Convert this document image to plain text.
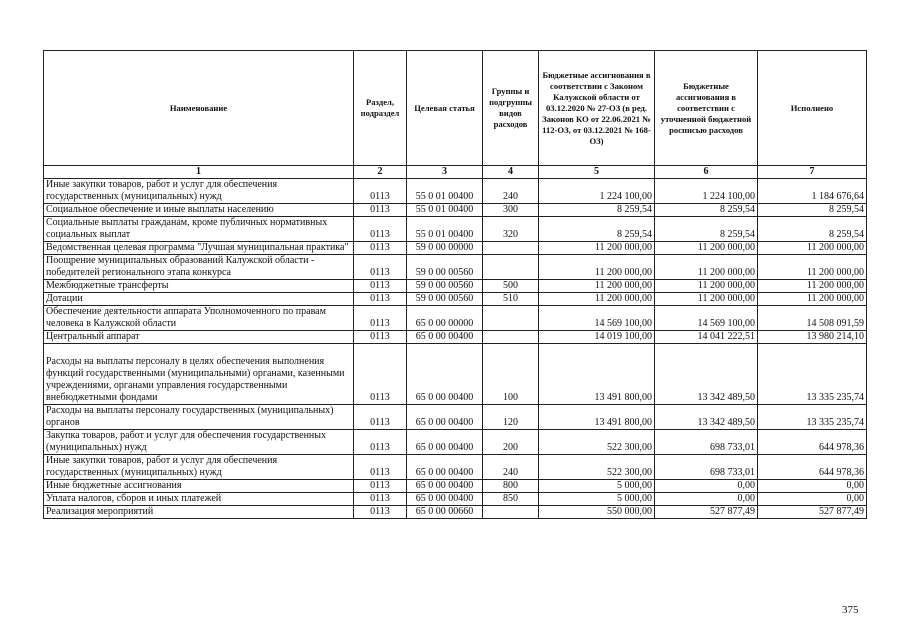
Наименование	Раздел, подраздел	Целевая статья	Группы и подгруппы видов расходов	Бюджетные ассигнования в соответствии с Законом Калужской области от 03.12.2020 № 27-ОЗ (в ред. Законов КО от 22.06.2021 № 112-ОЗ, от 03.12.2021 № 168-ОЗ)	Бюджетные ассигнования в соответствии с уточненной бюджетной росписью расходов	Исполнено
1	2	3	4	5	6	7
Иные закупки товаров, работ и услуг для обеспечения государственных (муниципальных) нужд	0113	55 0 01 00400	240	1 224 100,00	1 224 100,00	1 184 676,64
Социальное обеспечение и иные выплаты населению	0113	55 0 01 00400	300	8 259,54	8 259,54	8 259,54
Социальные выплаты гражданам, кроме публичных нормативных социальных выплат	0113	55 0 01 00400	320	8 259,54	8 259,54	8 259,54
Ведомственная целевая программа "Лучшая муниципальная практика"	0113	59 0 00 00000		11 200 000,00	11 200 000,00	11 200 000,00
Поощрение муниципальных образований Калужской области - победителей регионального этапа конкурса	0113	59 0 00 00560		11 200 000,00	11 200 000,00	11 200 000,00
Межбюджетные трансферты	0113	59 0 00 00560	500	11 200 000,00	11 200 000,00	11 200 000,00
Дотации	0113	59 0 00 00560	510	11 200 000,00	11 200 000,00	11 200 000,00
Обеспечение деятельности аппарата Уполномоченного по правам человека в Калужской области	0113	65 0 00 00000		14 569 100,00	14 569 100,00	14 508 091,59
Центральный аппарат	0113	65 0 00 00400		14 019 100,00	14 041 222,51	13 980 214,10
Расходы на выплаты персоналу в целях обеспечения выполнения функций государственными (муниципальными) органами, казенными учреждениями, органами управления государственными внебюджетными фондами	0113	65 0 00 00400	100	13 491 800,00	13 342 489,50	13 335 235,74
Расходы на выплаты персоналу государственных (муниципальных) органов	0113	65 0 00 00400	120	13 491 800,00	13 342 489,50	13 335 235,74
Закупка товаров, работ и услуг для обеспечения государственных (муниципальных) нужд	0113	65 0 00 00400	200	522 300,00	698 733,01	644 978,36
Иные закупки товаров, работ и услуг для обеспечения государственных (муниципальных) нужд	0113	65 0 00 00400	240	522 300,00	698 733,01	644 978,36
Иные бюджетные ассигнования	0113	65 0 00 00400	800	5 000,00	0,00	0,00
Уплата налогов, сборов и иных платежей	0113	65 0 00 00400	850	5 000,00	0,00	0,00
Реализация мероприятий	0113	65 0 00 00660		550 000,00	527 877,49	527 877,49
375
